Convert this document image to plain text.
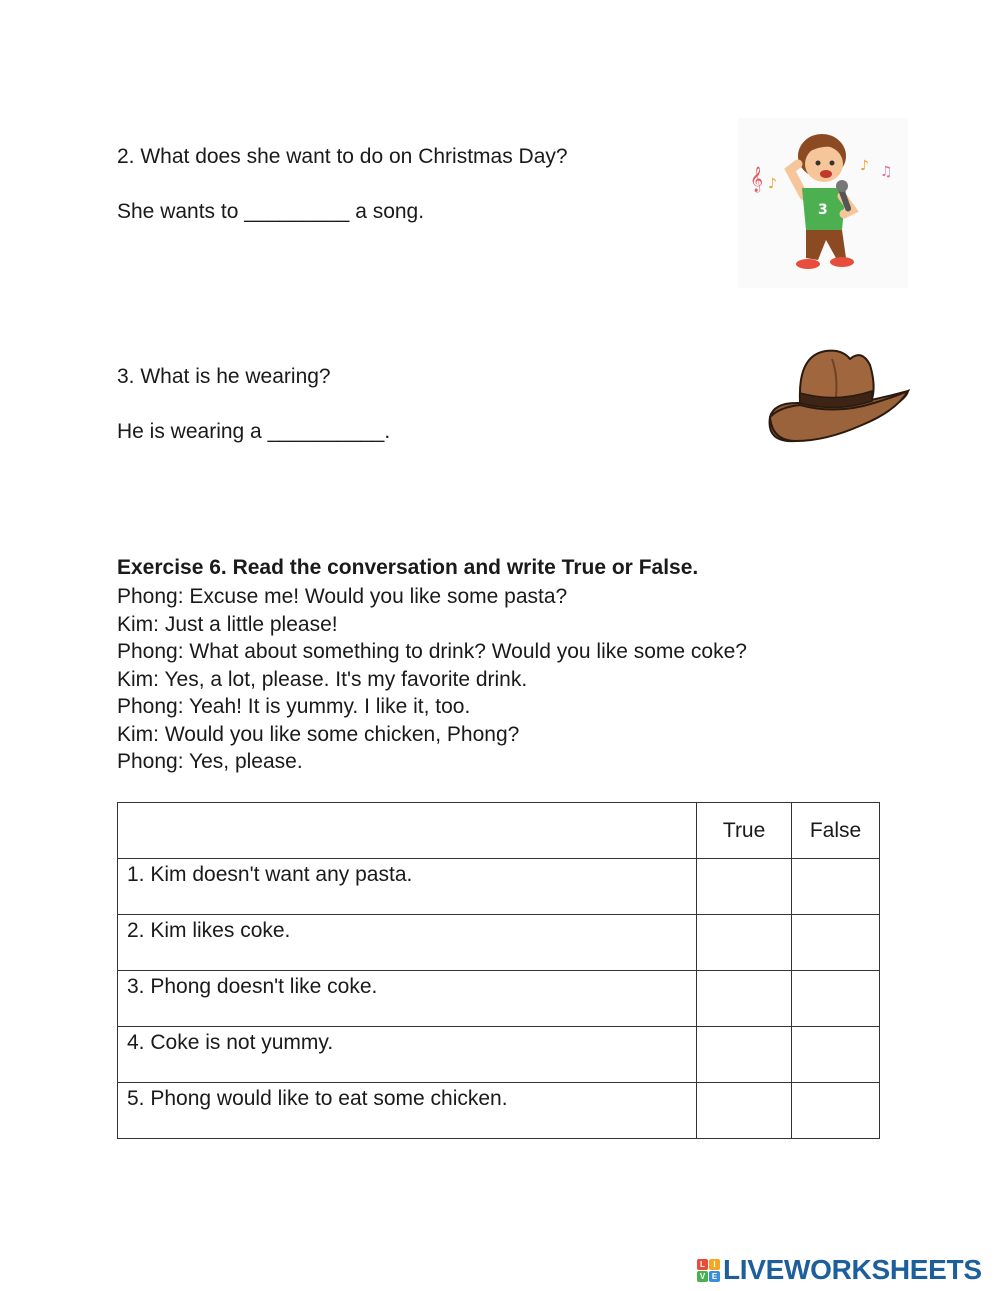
2. What does she want to do on Christmas Day?
She wants to _________ a song.
𝄞 ♪
♪ ♫
3
3. What is he wearing?
He is wearing a __________.
Exercise 6. Read the conversation and write True or False.
Phong: Excuse me! Would you like some pasta?
Kim: Just a little please!
Phong: What about something to drink? Would you like some coke?
Kim: Yes, a lot, please. It's my favorite drink.
Phong: Yeah! It is yummy. I like it, too.
Kim: Would you like some chicken, Phong?
Phong: Yes, please.
	True	False
1. Kim doesn't want any pasta.		
2. Kim likes coke.		
3. Phong doesn't like coke.		
4. Coke is not yummy.		
5. Phong would like to eat some chicken.		
L	I
V E LIVEWORKSHEETS
